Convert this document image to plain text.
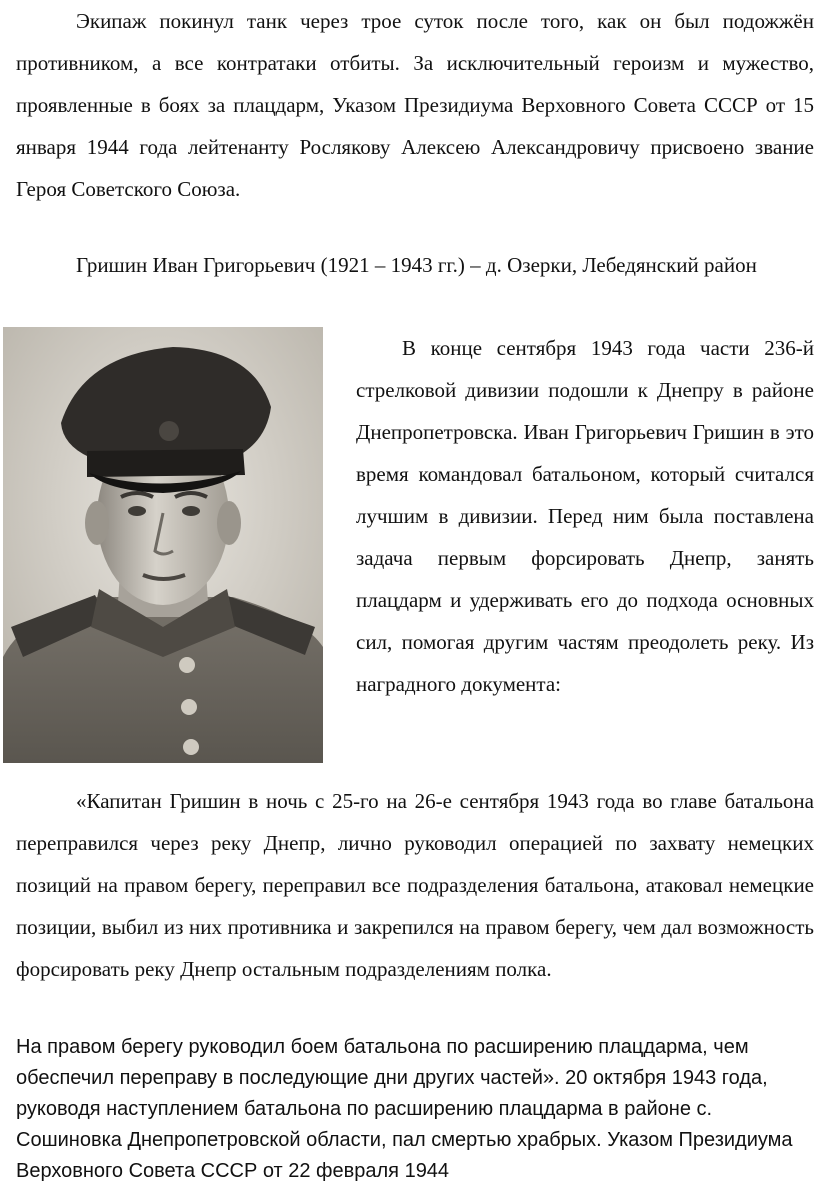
Экипаж покинул танк через трое суток после того, как он был подожжён противником, а все контратаки отбиты. За исключительный героизм и мужество, проявленные в боях за плацдарм, Указом Президиума Верховного Совета СССР от 15 января 1944 года лейтенанту Рослякову Алексею Александровичу присвоено звание Героя Советского Союза.

Гришин Иван Григорьевич (1921 – 1943 гг.) – д. Озерки, Лебедянский район

В конце сентября 1943 года части 236-й стрелковой дивизии подошли к Днепру в районе Днепропетровска. Иван Григорьевич Гришин в это время командовал батальоном, который считался лучшим в дивизии. Перед ним была поставлена задача первым форсировать Днепр, занять плацдарм и удерживать его до подхода основных сил, помогая другим частям преодолеть реку. Из наградного документа:

«Капитан Гришин в ночь с 25-го на 26-е сентября 1943 года во главе батальона переправился через реку Днепр, лично руководил операцией по захвату немецких позиций на правом берегу, переправил все подразделения батальона, атаковал немецкие позиции, выбил из них противника и закрепился на правом берегу, чем дал возможность форсировать реку Днепр остальным подразделениям полка.

На правом берегу руководил боем батальона по расширению плацдарма, чем обеспечил переправу в последующие дни других частей». 20 октября 1943 года, руководя наступлением батальона по расширению плацдарма в районе с. Сошиновка Днепропетровской области, пал смертью храбрых. Указом Президиума Верховного Совета СССР от 22 февраля 1944
